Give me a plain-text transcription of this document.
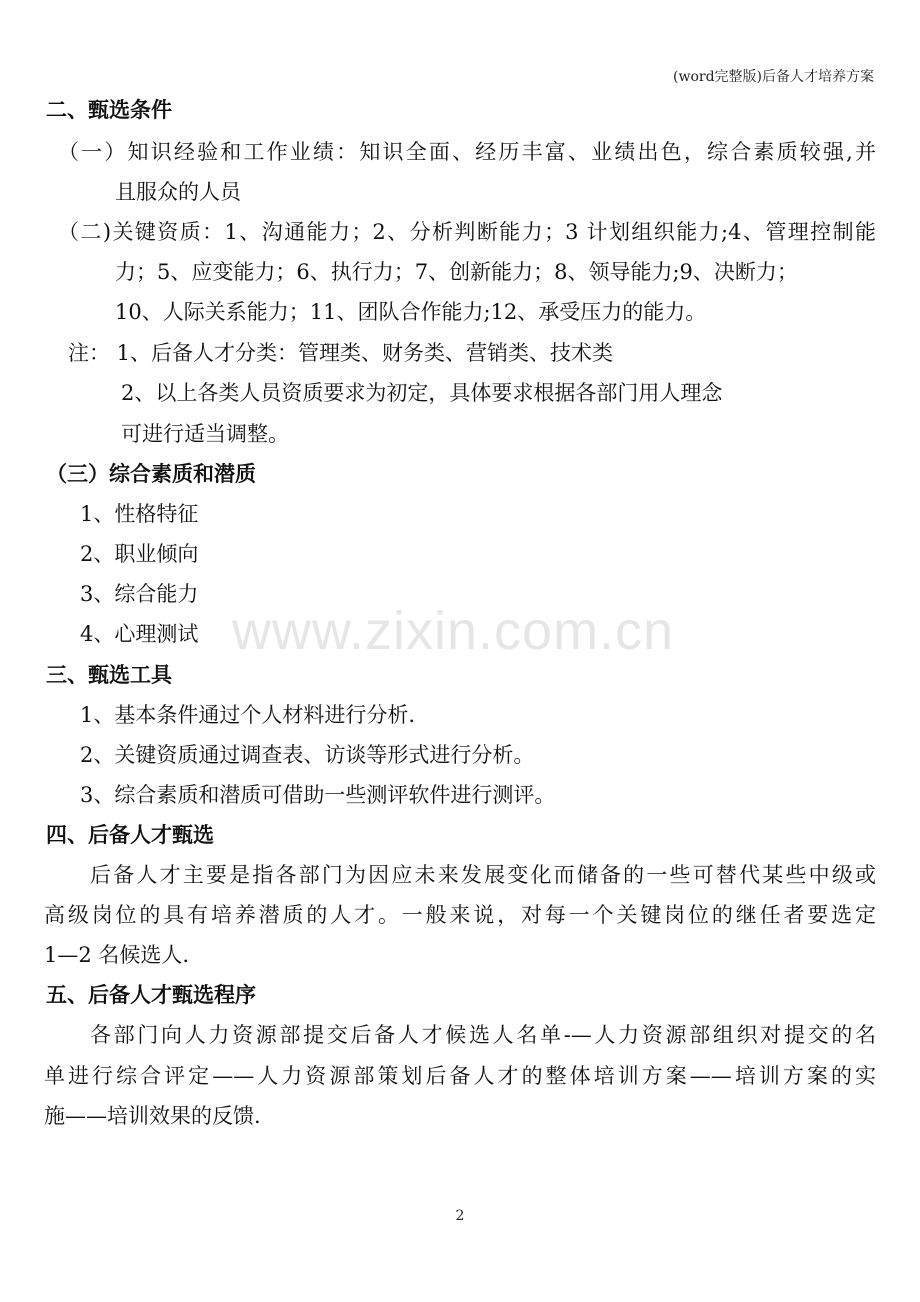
(word完整版)后备人才培养方案
www.zixin.com.cn
二、甄选条件
（一）知识经验和工作业绩：知识全面、经历丰富、业绩出色，综合素质较强,并
且服众的人员
（二)关键资质：1、沟通能力；2、分析判断能力；3 计划组织能力;4、管理控制能
力；5、应变能力；6、执行力；7、创新能力；8、领导能力;9、决断力；
10、人际关系能力；11、团队合作能力;12、承受压力的能力。
注： 1、后备人才分类：管理类、财务类、营销类、技术类
2、以上各类人员资质要求为初定，具体要求根据各部门用人理念
可进行适当调整。
（三）综合素质和潜质
1、性格特征
2、职业倾向
3、综合能力
4、心理测试
三、甄选工具
1、基本条件通过个人材料进行分析.
2、关键资质通过调查表、访谈等形式进行分析。
3、综合素质和潜质可借助一些测评软件进行测评。
四、后备人才甄选
后备人才主要是指各部门为因应未来发展变化而储备的一些可替代某些中级或
高级岗位的具有培养潜质的人才。一般来说，对每一个关键岗位的继任者要选定
1—2 名候选人.
五、后备人才甄选程序
各部门向人力资源部提交后备人才候选人名单-—人力资源部组织对提交的名
单进行综合评定——人力资源部策划后备人才的整体培训方案——培训方案的实
施——培训效果的反馈.
2
